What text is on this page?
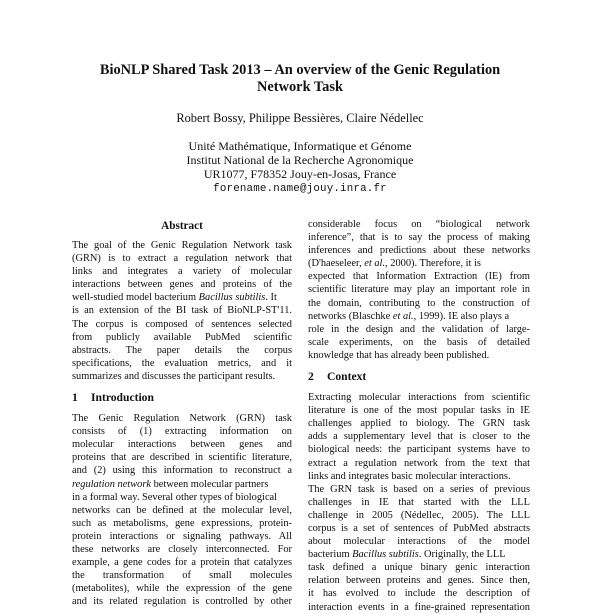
BioNLP Shared Task 2013 – An overview of the Genic Regulation
Network Task
Robert Bossy, Philippe Bessières, Claire Nédellec
Unité Mathématique, Informatique et Génome
Institut National de la Recherche Agronomique
UR1077, F78352 Jouy-en-Josas, France
forename.name@jouy.inra.fr
Abstract
The goal of the Genic Regulation Network task
(GRN) is to extract a regulation network that
links and integrates a variety of molecular
interactions between genes and proteins of the
well-studied model bacterium Bacillus subtilis. It
is an extension of the BI task of BioNLP-ST'11.
The corpus is composed of sentences selected
from publicly available PubMed scientific
abstracts. The paper details the corpus
specifications, the evaluation metrics, and it
summarizes and discusses the participant results.
1 Introduction
The Genic Regulation Network (GRN) task
consists of (1) extracting information on
molecular interactions between genes and
proteins that are described in scientific literature,
and (2) using this information to reconstruct a
regulation network between molecular partners
in a formal way. Several other types of biological
networks can be defined at the molecular level,
such as metabolisms, gene expressions, protein-
protein interactions or signaling pathways. All
these networks are closely interconnected. For
example, a gene codes for a protein that catalyzes
the transformation of small molecules
(metabolites), while the expression of the gene
and its related regulation is controlled by other
considerable focus on “biological network
inference”, that is to say the process of making
inferences and predictions about these networks
(D'haeseleer, et al., 2000). Therefore, it is
expected that Information Extraction (IE) from
scientific literature may play an important role in
the domain, contributing to the construction of
networks (Blaschke et al., 1999). IE also plays a
role in the design and the validation of large-
scale experiments, on the basis of detailed
knowledge that has already been published.
2 Context
Extracting molecular interactions from scientific
literature is one of the most popular tasks in IE
challenges applied to biology. The GRN task
adds a supplementary level that is closer to the
biological needs: the participant systems have to
extract a regulation network from the text that
links and integrates basic molecular interactions.
The GRN task is based on a series of previous
challenges in IE that started with the LLL
challenge in 2005 (Nédellec, 2005). The LLL
corpus is a set of sentences of PubMed abstracts
about molecular interactions of the model
bacterium Bacillus subtilis. Originally, the LLL
task defined a unique binary genic interaction
relation between proteins and genes. Since then,
it has evolved to include the description of
interaction events in a fine-grained representation
